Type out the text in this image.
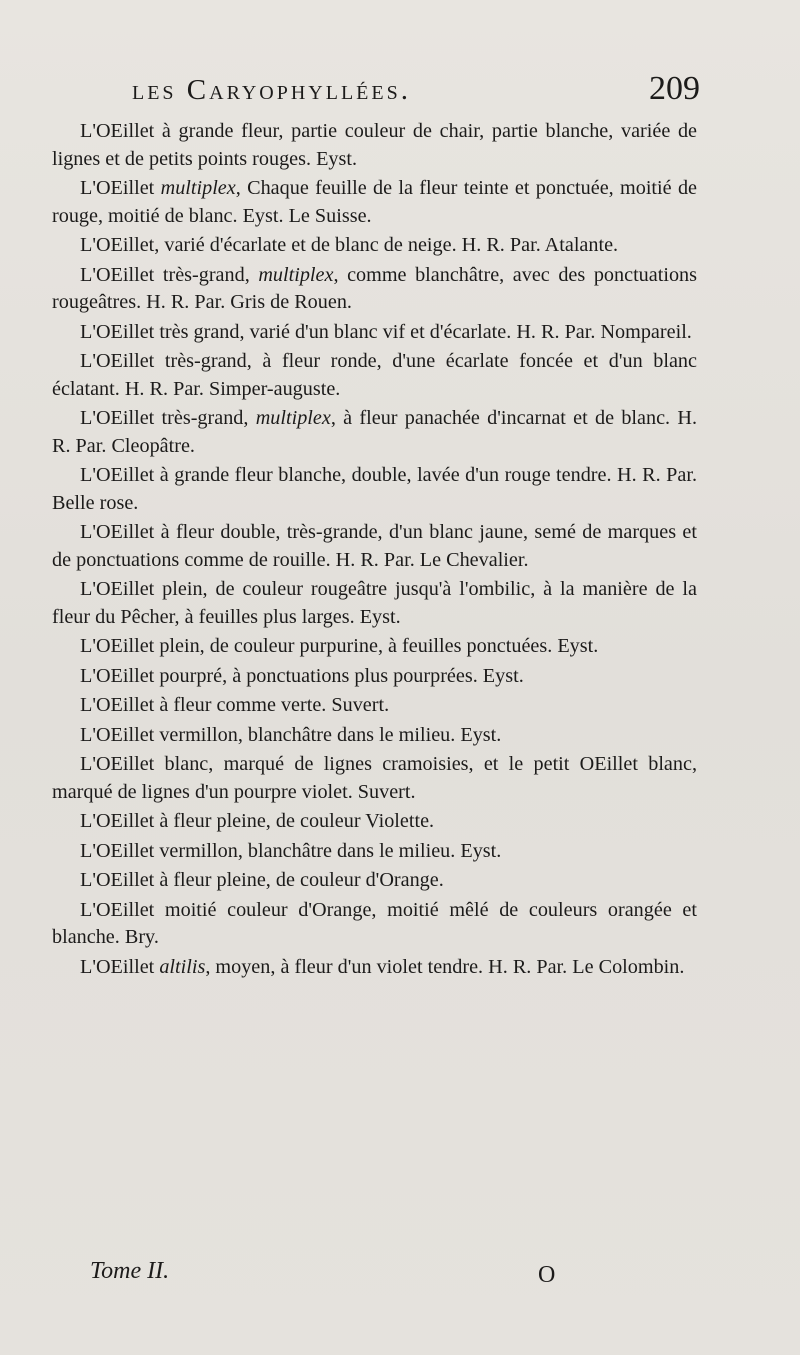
les Caryophyllées.	209

L'OEillet à grande fleur, partie couleur de chair, partie blanche, variée de lignes et de petits points rouges. Eyst.

L'OEillet multiplex, Chaque feuille de la fleur teinte et ponctuée, moitié de rouge, moitié de blanc. Eyst. Le Suisse.

L'OEillet, varié d'écarlate et de blanc de neige. H. R. Par. Atalante.

L'OEillet très-grand, multiplex, comme blanchâtre, avec des ponctuations rougeâtres. H. R. Par. Gris de Rouen.

L'OEillet très grand, varié d'un blanc vif et d'écarlate. H. R. Par. Nompareil.

L'OEillet très-grand, à fleur ronde, d'une écarlate foncée et d'un blanc éclatant. H. R. Par. Simper-auguste.

L'OEillet très-grand, multiplex, à fleur panachée d'incarnat et de blanc. H. R. Par. Cleopâtre.

L'OEillet à grande fleur blanche, double, lavée d'un rouge tendre. H. R. Par. Belle rose.

L'OEillet à fleur double, très-grande, d'un blanc jaune, semé de marques et de ponctuations comme de rouille. H. R. Par. Le Chevalier.

L'OEillet plein, de couleur rougeâtre jusqu'à l'ombilic, à la manière de la fleur du Pêcher, à feuilles plus larges. Eyst.

L'OEillet plein, de couleur purpurine, à feuilles ponctuées. Eyst.

L'OEillet pourpré, à ponctuations plus pourprées. Eyst.

L'OEillet à fleur comme verte. Suvert.

L'OEillet vermillon, blanchâtre dans le milieu. Eyst.

L'OEillet blanc, marqué de lignes cramoisies, et le petit OEillet blanc, marqué de lignes d'un pourpre violet. Suvert.

L'OEillet à fleur pleine, de couleur Violette.

L'OEillet vermillon, blanchâtre dans le milieu. Eyst.

L'OEillet à fleur pleine, de couleur d'Orange.

L'OEillet moitié couleur d'Orange, moitié mêlé de couleurs orangée et blanche. Bry.

L'OEillet altilis, moyen, à fleur d'un violet tendre. H. R. Par. Le Colombin.

Tome II.	O
